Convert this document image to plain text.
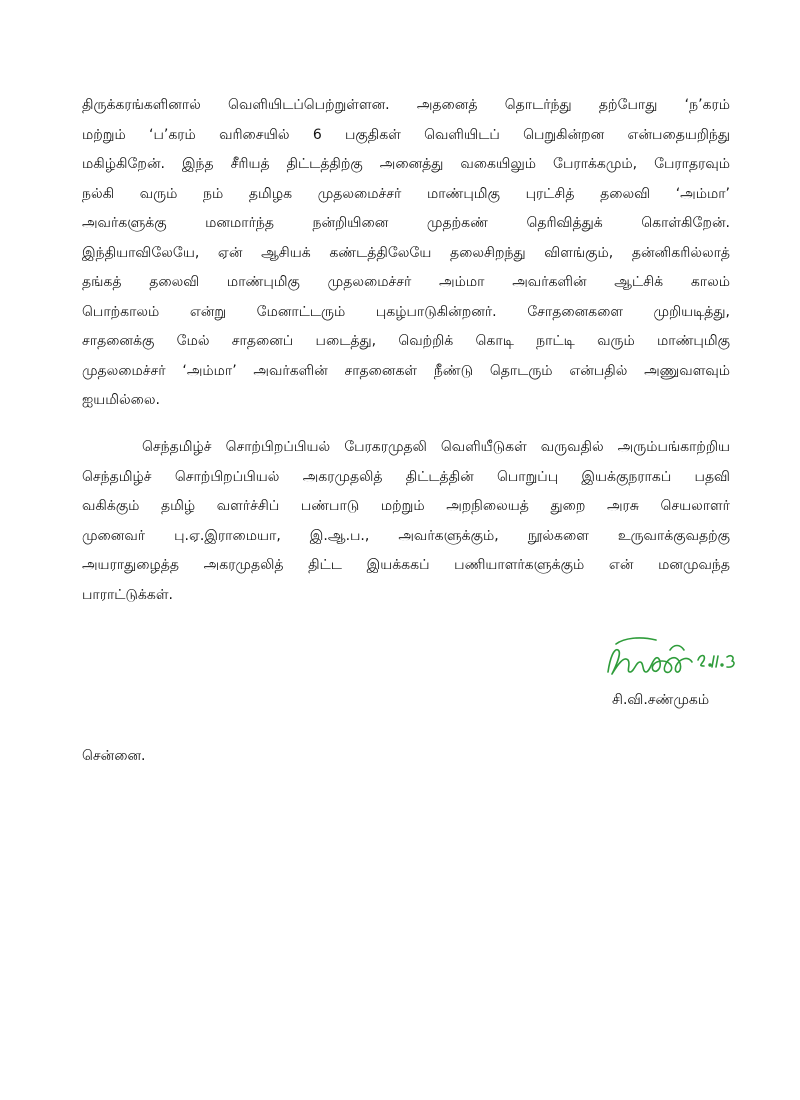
திருக்கரங்களினால் வெளியிடப்பெற்றுள்ளன. அதனைத் தொடர்ந்து தற்போது ‘ந’கரம்
மற்றும் ‘ப’கரம் வரிசையில் 6 பகுதிகள் வெளியிடப் பெறுகின்றன என்பதையறிந்து
மகிழ்கிறேன். இந்த சீரியத் திட்டத்திற்கு அனைத்து வகையிலும் பேராக்கமும், பேராதரவும்
நல்கி வரும் நம் தமிழக முதலமைச்சர் மாண்புமிகு புரட்சித் தலைவி ‘அம்மா’
அவர்களுக்கு மனமார்ந்த நன்றியினை முதற்கண் தெரிவித்துக் கொள்கிறேன்.
இந்தியாவிலேயே, ஏன் ஆசியக் கண்டத்திலேயே தலைசிறந்து விளங்கும், தன்னிகரில்லாத்
தங்கத் தலைவி மாண்புமிகு முதலமைச்சர் அம்மா அவர்களின் ஆட்சிக் காலம்
பொற்காலம் என்று மேனாட்டரும் புகழ்பாடுகின்றனர். சோதனைகளை முறியடித்து,
சாதனைக்கு மேல் சாதனைப் படைத்து, வெற்றிக் கொடி நாட்டி வரும் மாண்புமிகு
முதலமைச்சர் ‘அம்மா’ அவர்களின் சாதனைகள் நீண்டு தொடரும் என்பதில் அணுவளவும்
ஐயமில்லை.
செந்தமிழ்ச் சொற்பிறப்பியல் பேரகரமுதலி வெளியீடுகள் வருவதில் அரும்பங்காற்றிய
செந்தமிழ்ச் சொற்பிறப்பியல் அகரமுதலித் திட்டத்தின் பொறுப்பு இயக்குநராகப் பதவி
வகிக்கும் தமிழ் வளர்ச்சிப் பண்பாடு மற்றும் அறநிலையத் துறை அரசு செயலாளர்
முனைவர் பு.ஏ.இராமையா, இ.ஆ.ப., அவர்களுக்கும், நூல்களை உருவாக்குவதற்கு
அயராதுழைத்த அகரமுதலித் திட்ட இயக்ககப் பணியாளர்களுக்கும் என் மனமுவந்த
பாராட்டுக்கள்.
சி.வி.சண்முகம்
சென்னை.
